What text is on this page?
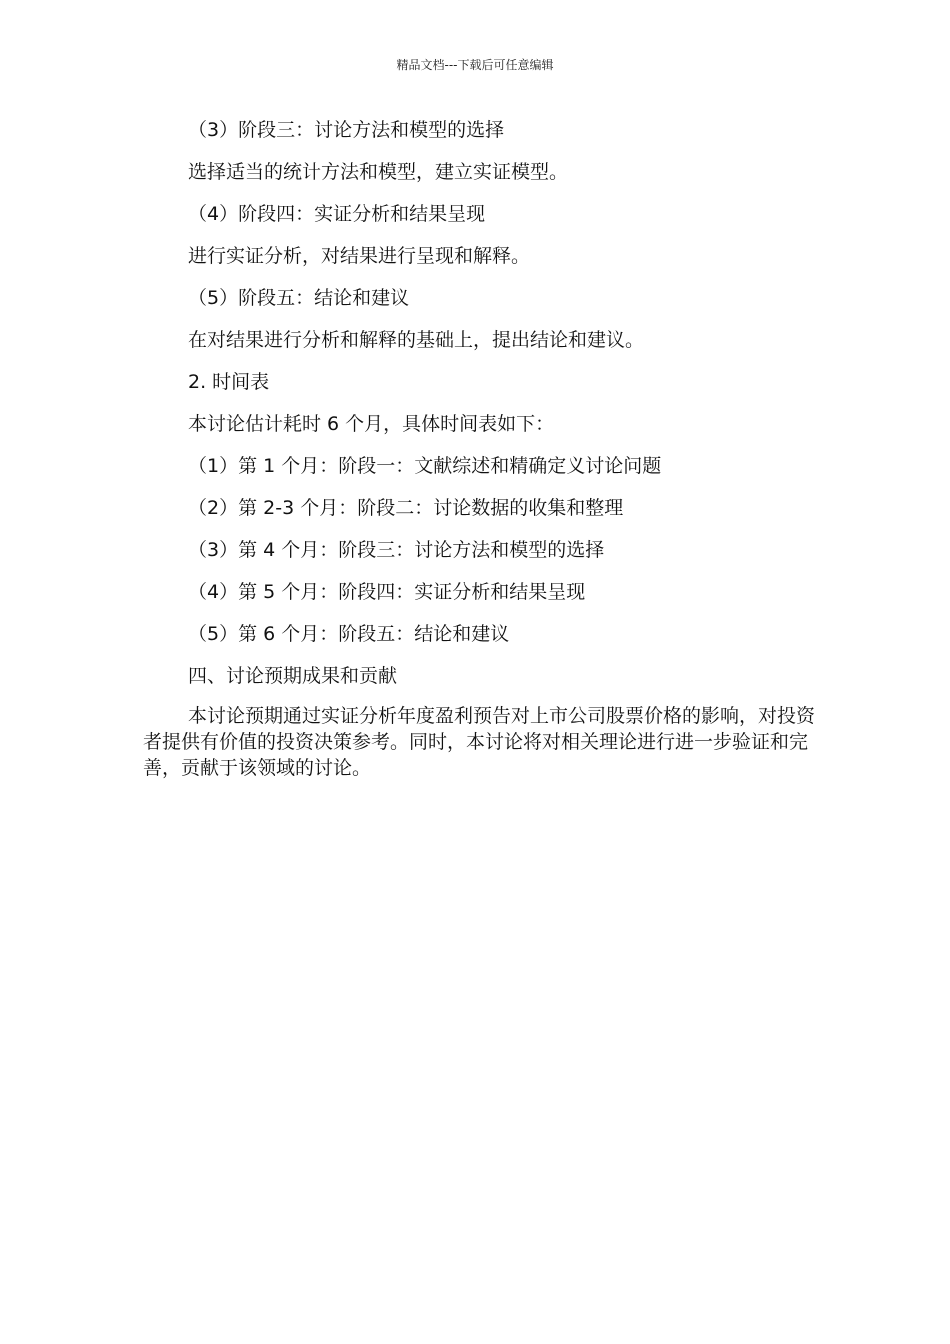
精品文档---下载后可任意编辑
（3）阶段三：讨论方法和模型的选择
选择适当的统计方法和模型，建立实证模型。
（4）阶段四：实证分析和结果呈现
进行实证分析，对结果进行呈现和解释。
（5）阶段五：结论和建议
在对结果进行分析和解释的基础上，提出结论和建议。
2. 时间表
本讨论估计耗时 6 个月，具体时间表如下：
（1）第 1 个月：阶段一：文献综述和精确定义讨论问题
（2）第 2-3 个月：阶段二：讨论数据的收集和整理
（3）第 4 个月：阶段三：讨论方法和模型的选择
（4）第 5 个月：阶段四：实证分析和结果呈现
（5）第 6 个月：阶段五：结论和建议
四、讨论预期成果和贡献
本讨论预期通过实证分析年度盈利预告对上市公司股票价格的影响，对投资者提供有价值的投资决策参考。同时，本讨论将对相关理论进行进一步验证和完善，贡献于该领域的讨论。
